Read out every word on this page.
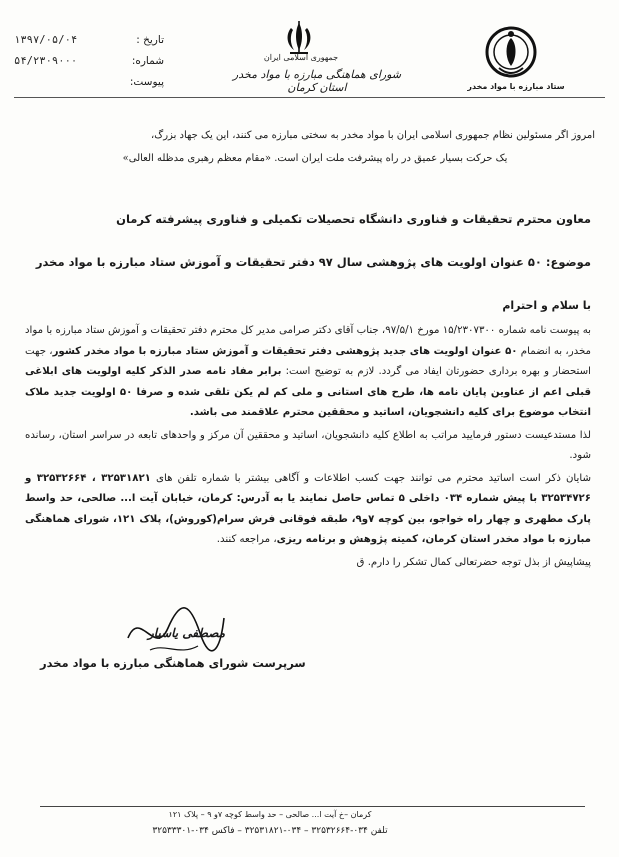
تاریخ :
۱۳۹۷/۰۵/۰۴
شماره:
۵۴/۲۳۰۹۰۰۰
پیوست:
جمهوری اسلامی ایران
شورای هماهنگی مبارزه با مواد مخدر استان کرمان	ستاد مبارزه با مواد مخدر

امروز اگر مسئولین نظام جمهوری اسلامی ایران با مواد مخدر به سختی مبارزه می کنند، این یک جهاد بزرگ،

یک حرکت بسیار عمیق در راه پیشرفت ملت ایران است. «مقام معظم رهبری مدظله العالی»

معاون محترم تحقیقات و فناوری دانشگاه تحصیلات تکمیلی و فناوری پیشرفته کرمان
موضوع: ۵۰ عنوان اولویت های پژوهشی سال ۹۷ دفتر تحقیقات و آموزش ستاد مبارزه با مواد مخدر
با سلام و احترام

به پیوست نامه شماره ۱۵/۲۳۰۷۳۰۰ مورخ ۹۷/۵/۱، جناب آقای دکتر صرامی مدیر کل محترم دفتر تحقیقات و آموزش ستاد مبارزه با مواد مخدر، به انضمام ۵۰ عنوان اولویت های جدید پژوهشی دفتر تحقیقات و آموزش ستاد مبارزه با مواد مخدر کشور، جهت استحضار و بهره برداری حضورتان ایفاد می گردد. لازم به توضیح است: برابر مفاد نامه صدر الذکر کلیه اولویت های ابلاغی قبلی اعم از عناوین پایان نامه ها، طرح های استانی و ملی کم لم یکن تلقی شده و صرفا ۵۰ اولویت جدید ملاک انتخاب موضوع برای کلیه دانشجویان، اساتید و محققین محترم علاقمند می باشد.

لذا مستدعیست دستور فرمایید مراتب به اطلاع کلیه دانشجویان، اساتید و محققین آن مرکز و واحدهای تابعه در سراسر استان، رسانده شود.

شایان ذکر است اساتید محترم می توانند جهت کسب اطلاعات و آگاهی بیشتر با شماره تلفن های ۳۲۵۳۱۸۲۱ ، ۳۲۵۳۲۶۶۴ و ۳۲۵۳۴۷۲۶ با پیش شماره ۰۳۴ داخلی ۵ تماس حاصل نمایند یا به آدرس: کرمان، خیابان آیت ا... صالحی، حد واسط پارک مطهری و چهار راه خواجو، بین کوچه ۷و۹، طبقه فوقانی فرش سرام(کوروش)، پلاک ۱۲۱، شورای هماهنگی مبارزه با مواد مخدر استان کرمان، کمیته پژوهش و برنامه ریزی، مراجعه کنند.

پیشاپیش از بذل توجه حضرتعالی کمال تشکر را دارم. ق

مصطفی یاسیار
سرپرست شورای هماهنگی مبارزه با مواد مخدر
کرمان –خ آیت ا... صالحی – حد واسط کوچه ۷و ۹ – پلاک ۱۲۱
تلفن ۰۳۴-۳۲۵۳۲۶۶۴ – ۰۳۴-۳۲۵۳۱۸۲۱ – فاکس ۰۳۴-۳۲۵۳۳۳۰۱
